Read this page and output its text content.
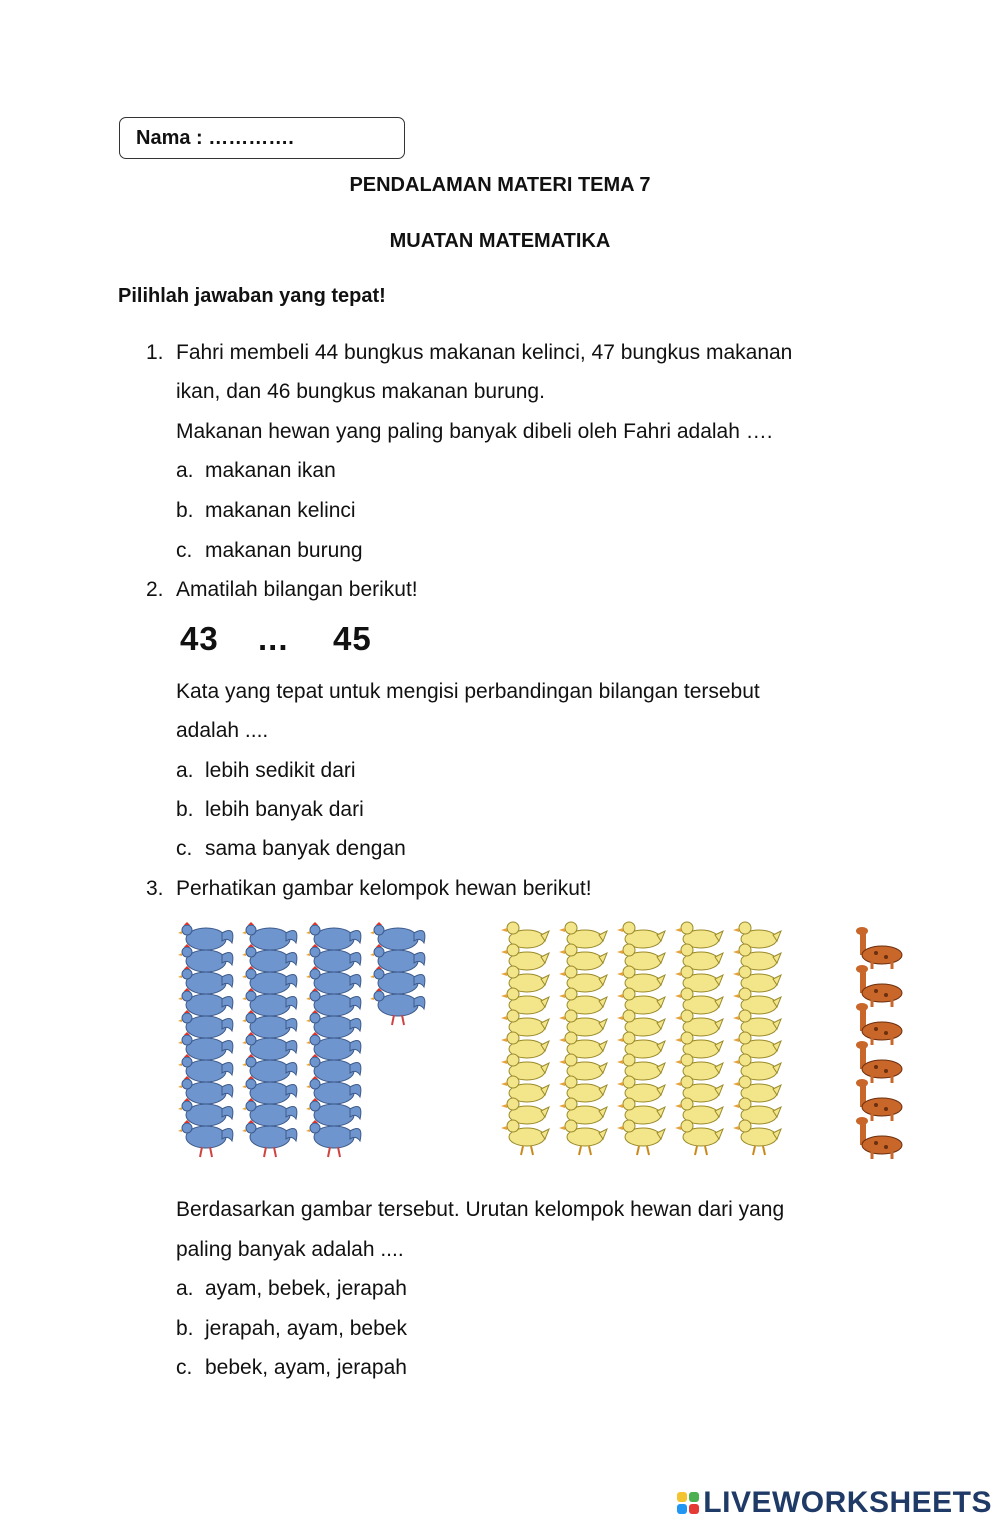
Nama : ………….
PENDALAMAN MATERI TEMA 7
MUATAN MATEMATIKA
Pilihlah jawaban yang tepat!
1. Fahri membeli 44 bungkus makanan kelinci, 47 bungkus makanan
ikan, dan 46 bungkus makanan burung.
Makanan hewan yang paling banyak dibeli oleh Fahri adalah ….
a. makanan ikan
b. makanan kelinci
c. makanan burung
2. Amatilah bilangan berikut!
43 ... 45
Kata yang tepat untuk mengisi perbandingan bilangan tersebut
adalah ....
a. lebih sedikit dari
b. lebih banyak dari
c. sama banyak dengan
3. Perhatikan gambar kelompok hewan berikut!
Berdasarkan gambar tersebut. Urutan kelompok hewan dari yang
paling banyak adalah ....
a. ayam, bebek, jerapah
b. jerapah, ayam, bebek
c. bebek, ayam, jerapah
LIVEWORKSHEETS
